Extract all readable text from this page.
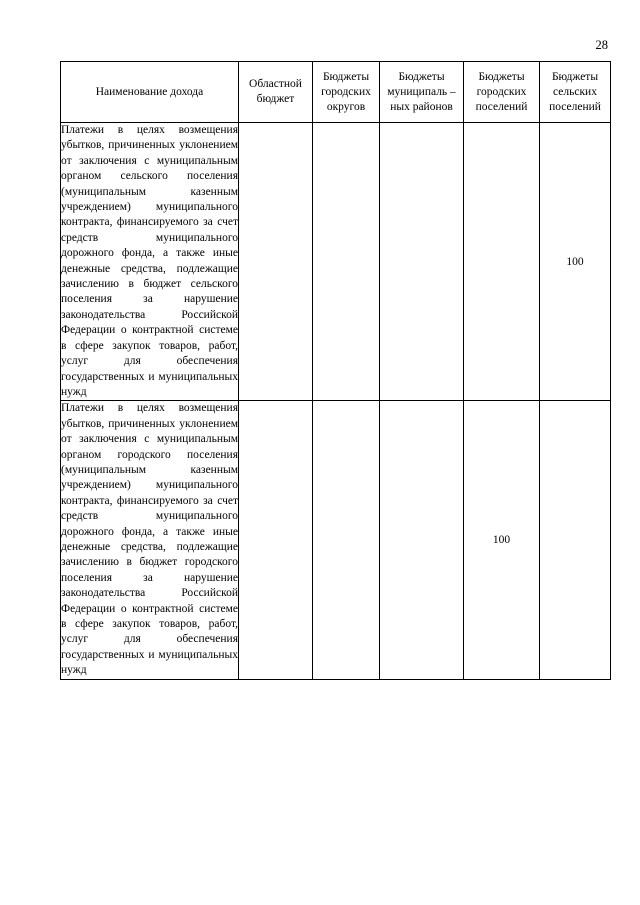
28
Наименование дохода	Областной бюджет	Бюджеты городских округов	Бюджеты муниципаль –ных районов	Бюджеты городских поселений	Бюджеты сельских поселений
Платежи в целях возмещения убытков, причиненных уклонением от заключения с муниципальным органом сельского поселения (муниципальным казенным учреждением) муниципального контракта, финансируемого за счет средств муниципального дорожного фонда, а также иные денежные средства, подлежащие зачислению в бюджет сельского поселения за нарушение законодательства Российской Федерации о контрактной системе в сфере закупок товаров, работ, услуг для обеспечения государственных и муниципальных нужд					100
Платежи в целях возмещения убытков, причиненных уклонением от заключения с муниципальным органом городского поселения (муниципальным казенным учреждением) муниципального контракта, финансируемого за счет средств муниципального дорожного фонда, а также иные денежные средства, подлежащие зачислению в бюджет городского поселения за нарушение законодательства Российской Федерации о контрактной системе в сфере закупок товаров, работ, услуг для обеспечения государственных и муниципальных нужд				100	
